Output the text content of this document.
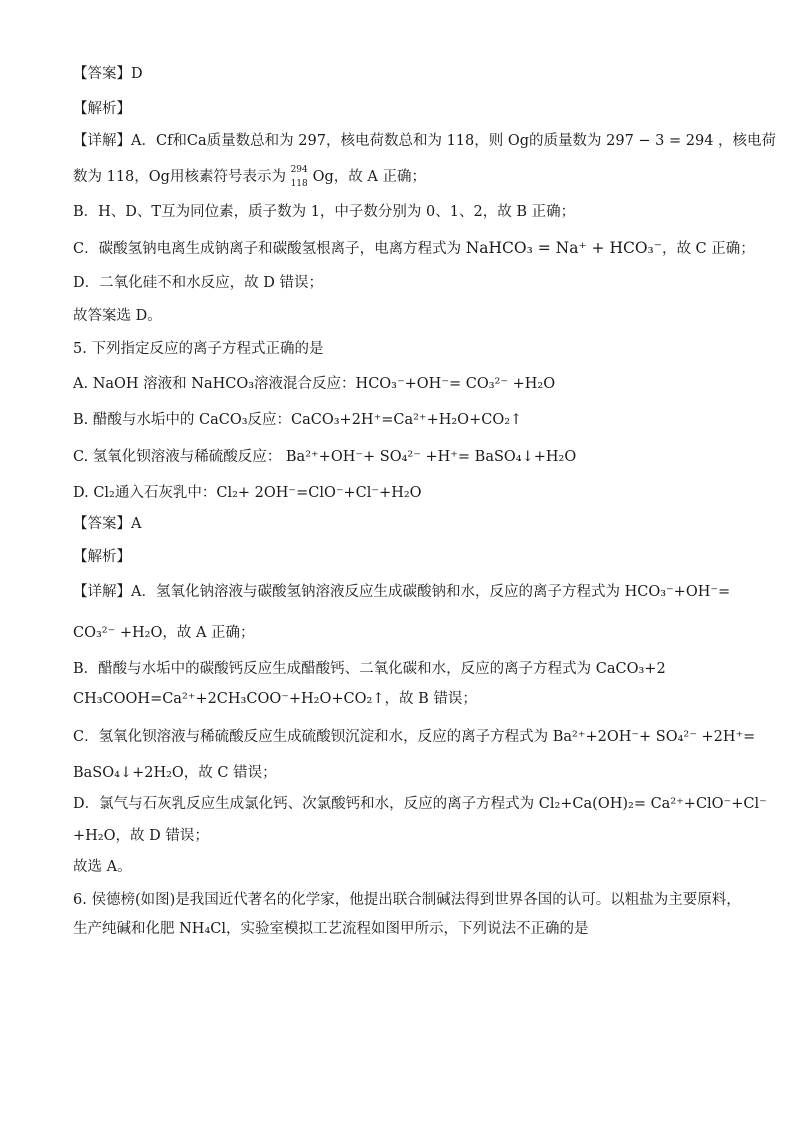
【答案】D
【解析】
【详解】A．Cf和Ca质量数总和为 297，核电荷数总和为 118，则 Og的质量数为 297 − 3 = 294 ，核电荷
数为 118，Og用核素符号表示为 294
118 Og，故 A 正确；
B．H、D、T互为同位素，质子数为 1，中子数分别为 0、1、2，故 B 正确；
C．碳酸氢钠电离生成钠离子和碳酸氢根离子，电离方程式为 NaHCO₃ = Na⁺ + HCO₃⁻，故 C 正确；
D．二氧化硅不和水反应，故 D 错误；
故答案选 D。
5. 下列指定反应的离子方程式正确的是
A. NaOH 溶液和 NaHCO₃溶液混合反应：HCO₃⁻+OH⁻= CO₃²⁻ +H₂O
B. 醋酸与水垢中的 CaCO₃反应：CaCO₃+2H⁺=Ca²⁺+H₂O+CO₂↑
C. 氢氧化钡溶液与稀硫酸反应： Ba²⁺+OH⁻+ SO₄²⁻ +H⁺= BaSO₄↓+H₂O
D. Cl₂通入石灰乳中：Cl₂+ 2OH⁻=ClO⁻+Cl⁻+H₂O
【答案】A
【解析】
【详解】A．氢氧化钠溶液与碳酸氢钠溶液反应生成碳酸钠和水，反应的离子方程式为 HCO₃⁻+OH⁻=
CO₃²⁻ +H₂O，故 A 正确；
B．醋酸与水垢中的碳酸钙反应生成醋酸钙、二氧化碳和水，反应的离子方程式为 CaCO₃+2
CH₃COOH=Ca²⁺+2CH₃COO⁻+H₂O+CO₂↑，故 B 错误；
C．氢氧化钡溶液与稀硫酸反应生成硫酸钡沉淀和水，反应的离子方程式为 Ba²⁺+2OH⁻+ SO₄²⁻ +2H⁺=
BaSO₄↓+2H₂O，故 C 错误；
D．氯气与石灰乳反应生成氯化钙、次氯酸钙和水，反应的离子方程式为 Cl₂+Ca(OH)₂= Ca²⁺+ClO⁻+Cl⁻
+H₂O，故 D 错误；
故选 A。
6. 侯德榜(如图)是我国近代著名的化学家，他提出联合制碱法得到世界各国的认可。以粗盐为主要原料，
生产纯碱和化肥 NH₄Cl，实验室模拟工艺流程如图甲所示，下列说法不正确的是
